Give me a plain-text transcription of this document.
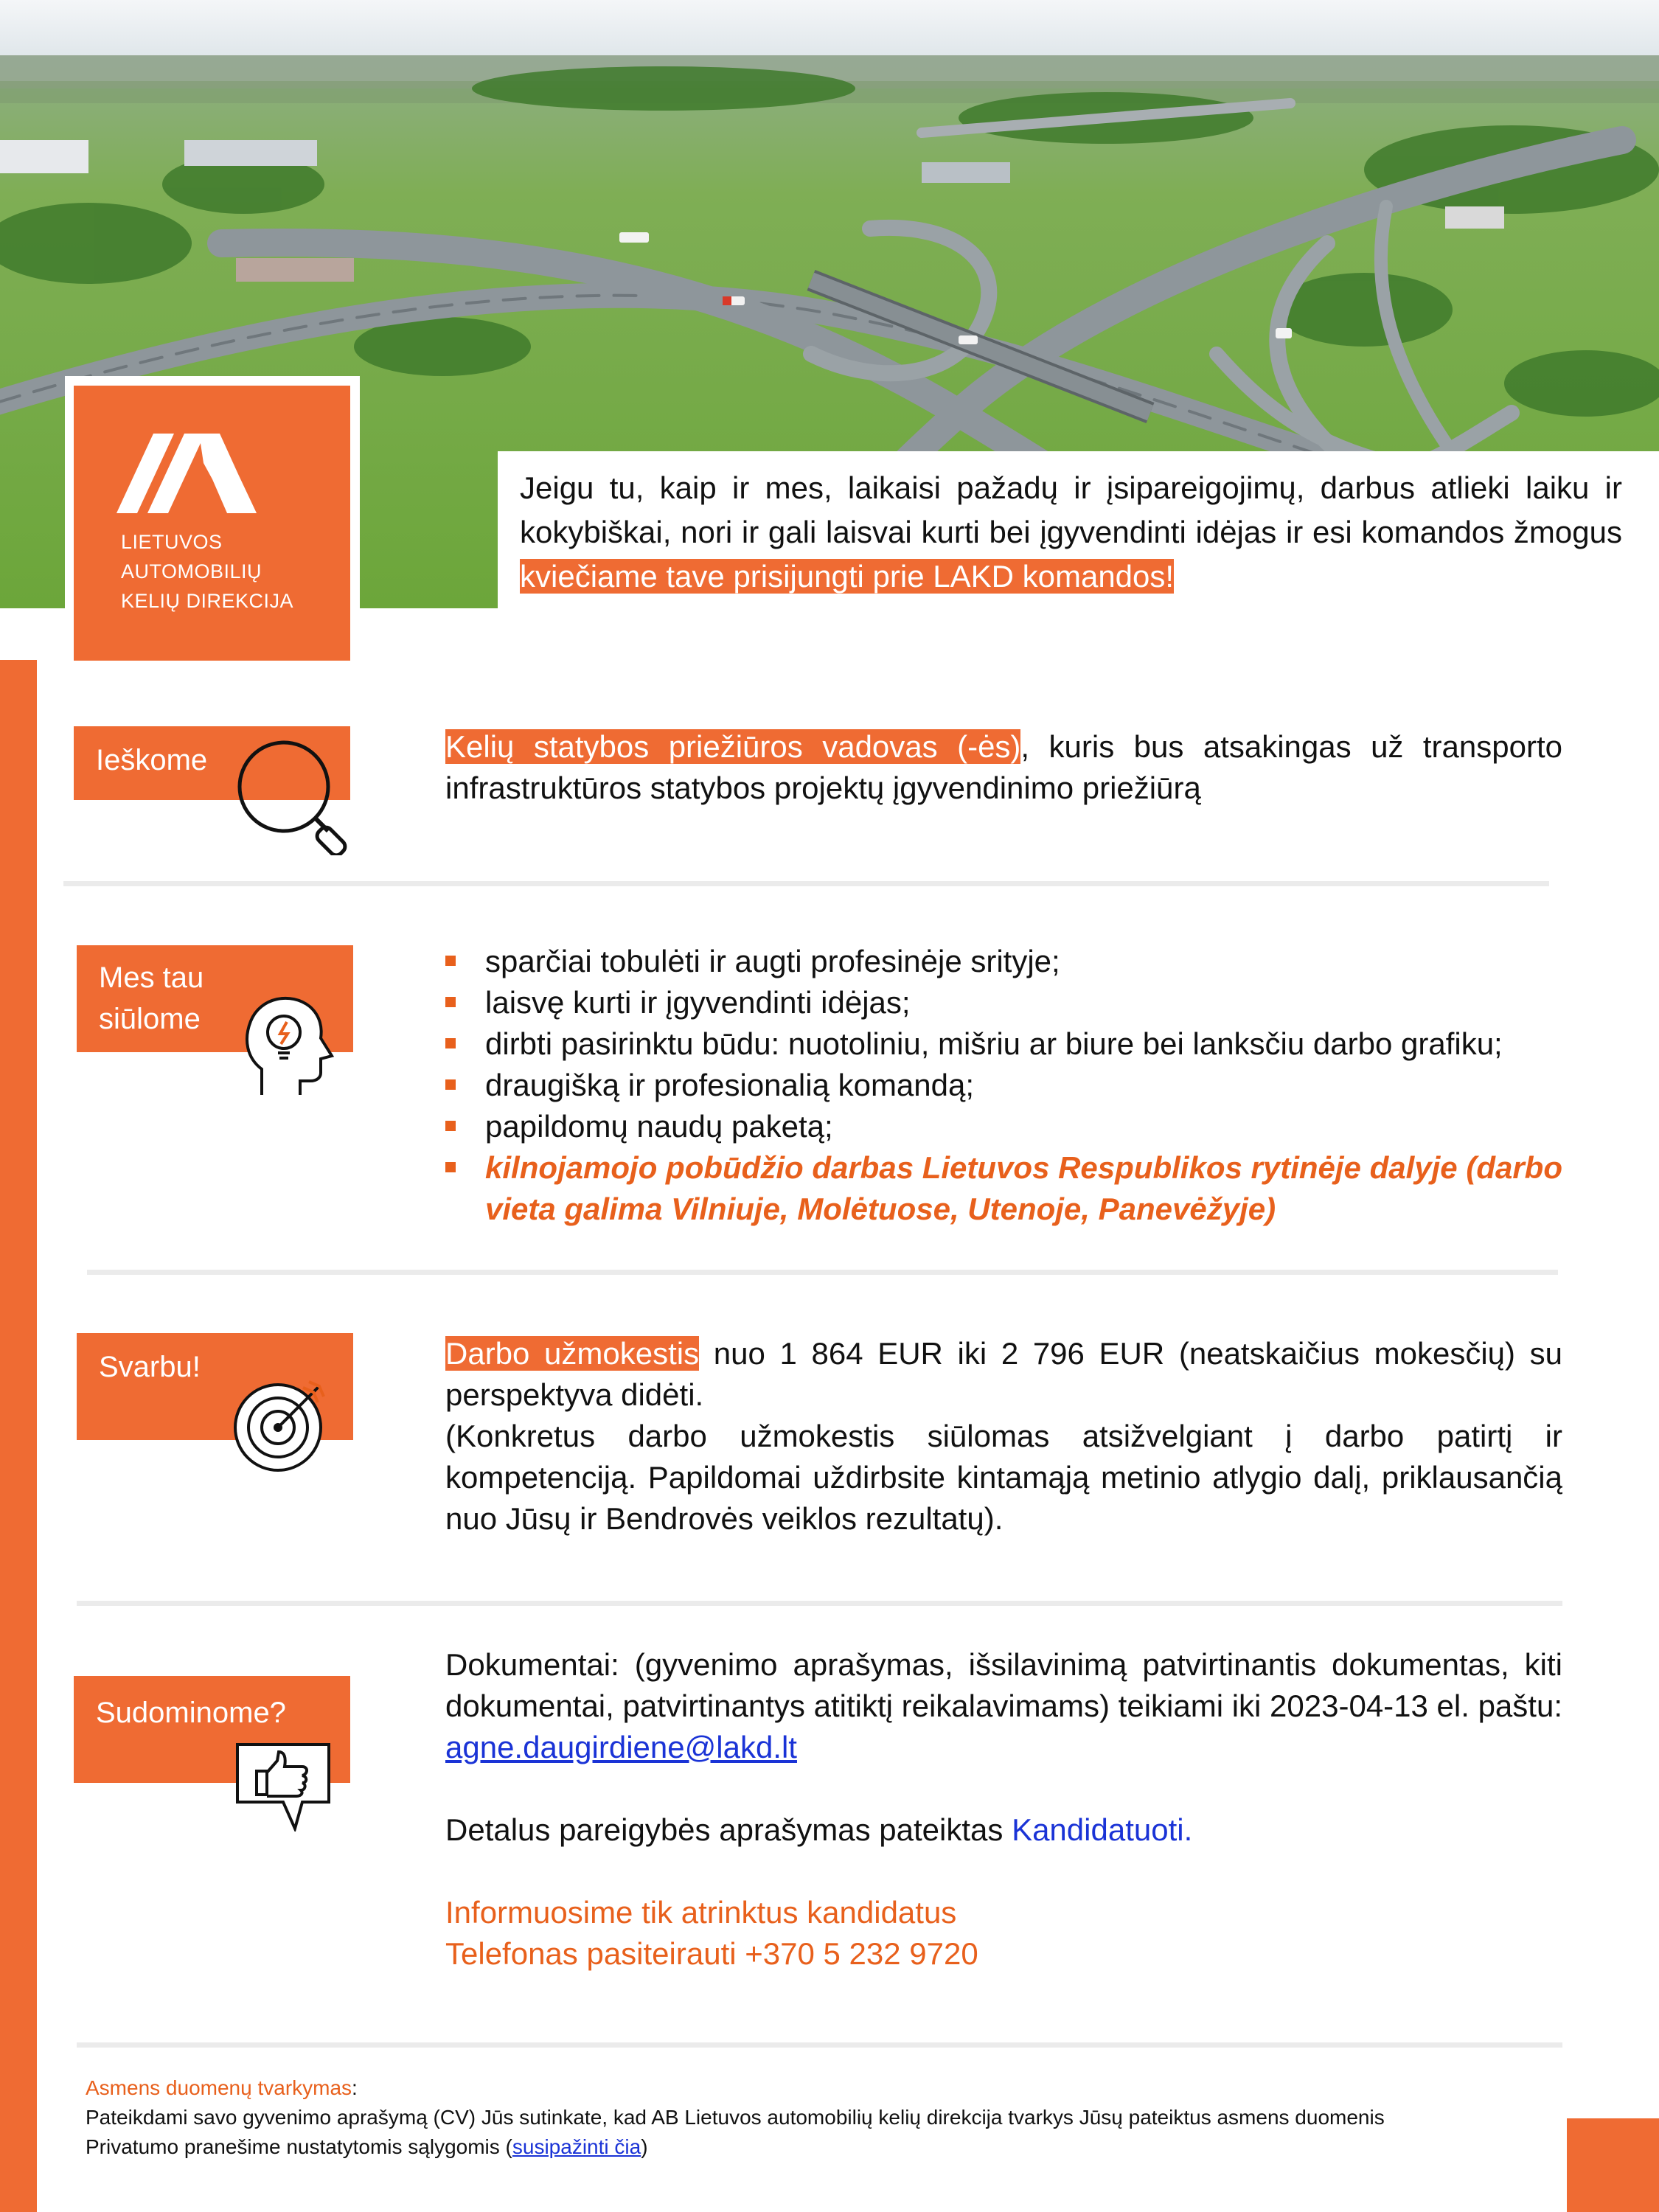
Jeigu tu, kaip ir mes, laikaisi pažadų ir įsipareigojimų, darbus atlieki laiku ir kokybiškai, nori ir gali laisvai kurti bei įgyvendinti idėjas ir esi komandos žmogus kviečiame tave prisijungti prie LAKD komandos!
LIETUVOS
AUTOMOBILIŲ
KELIŲ DIREKCIJA
Ieškome	Kelių statybos priežiūros vadovas (-ės), kuris bus atsakingas už transporto infrastruktūros statybos projektų įgyvendinimo priežiūrą
Mes tau
siūlome
sparčiai tobulėti ir augti profesinėje srityje;
laisvę kurti ir įgyvendinti idėjas;
dirbti pasirinktu būdu: nuotoliniu, mišriu ar biure bei lanksčiu darbo grafiku;
draugišką ir profesionalią komandą;
papildomų naudų paketą;
kilnojamojo pobūdžio darbas Lietuvos Respublikos rytinėje dalyje (darbo vieta galima Vilniuje, Molėtuose, Utenoje, Panevėžyje)
Svarbu!	Darbo užmokestis nuo 1 864 EUR iki 2 796 EUR (neatskaičius mokesčių) su perspektyva didėti.
(Konkretus darbo užmokestis siūlomas atsižvelgiant į darbo patirtį ir kompetenciją. Papildomai uždirbsite kintamąją metinio atlygio dalį, priklausančią nuo Jūsų ir Bendrovės veiklos rezultatų).
Sudominome?
Dokumentai: (gyvenimo aprašymas, išsilavinimą patvirtinantis dokumentas, kiti dokumentai, patvirtinantys atitiktį reikalavimams) teikiami iki 2023-04-13 el. paštu: agne.daugirdiene@lakd.lt
Detalus pareigybės aprašymas pateiktas Kandidatuoti.
Informuosime tik atrinktus kandidatus
Telefonas pasiteirauti +370 5 232 9720
Asmens duomenų tvarkymas:
Pateikdami savo gyvenimo aprašymą (CV) Jūs sutinkate, kad AB Lietuvos automobilių kelių direkcija tvarkys Jūsų pateiktus asmens duomenis
Privatumo pranešime nustatytomis sąlygomis (susipažinti čia)
